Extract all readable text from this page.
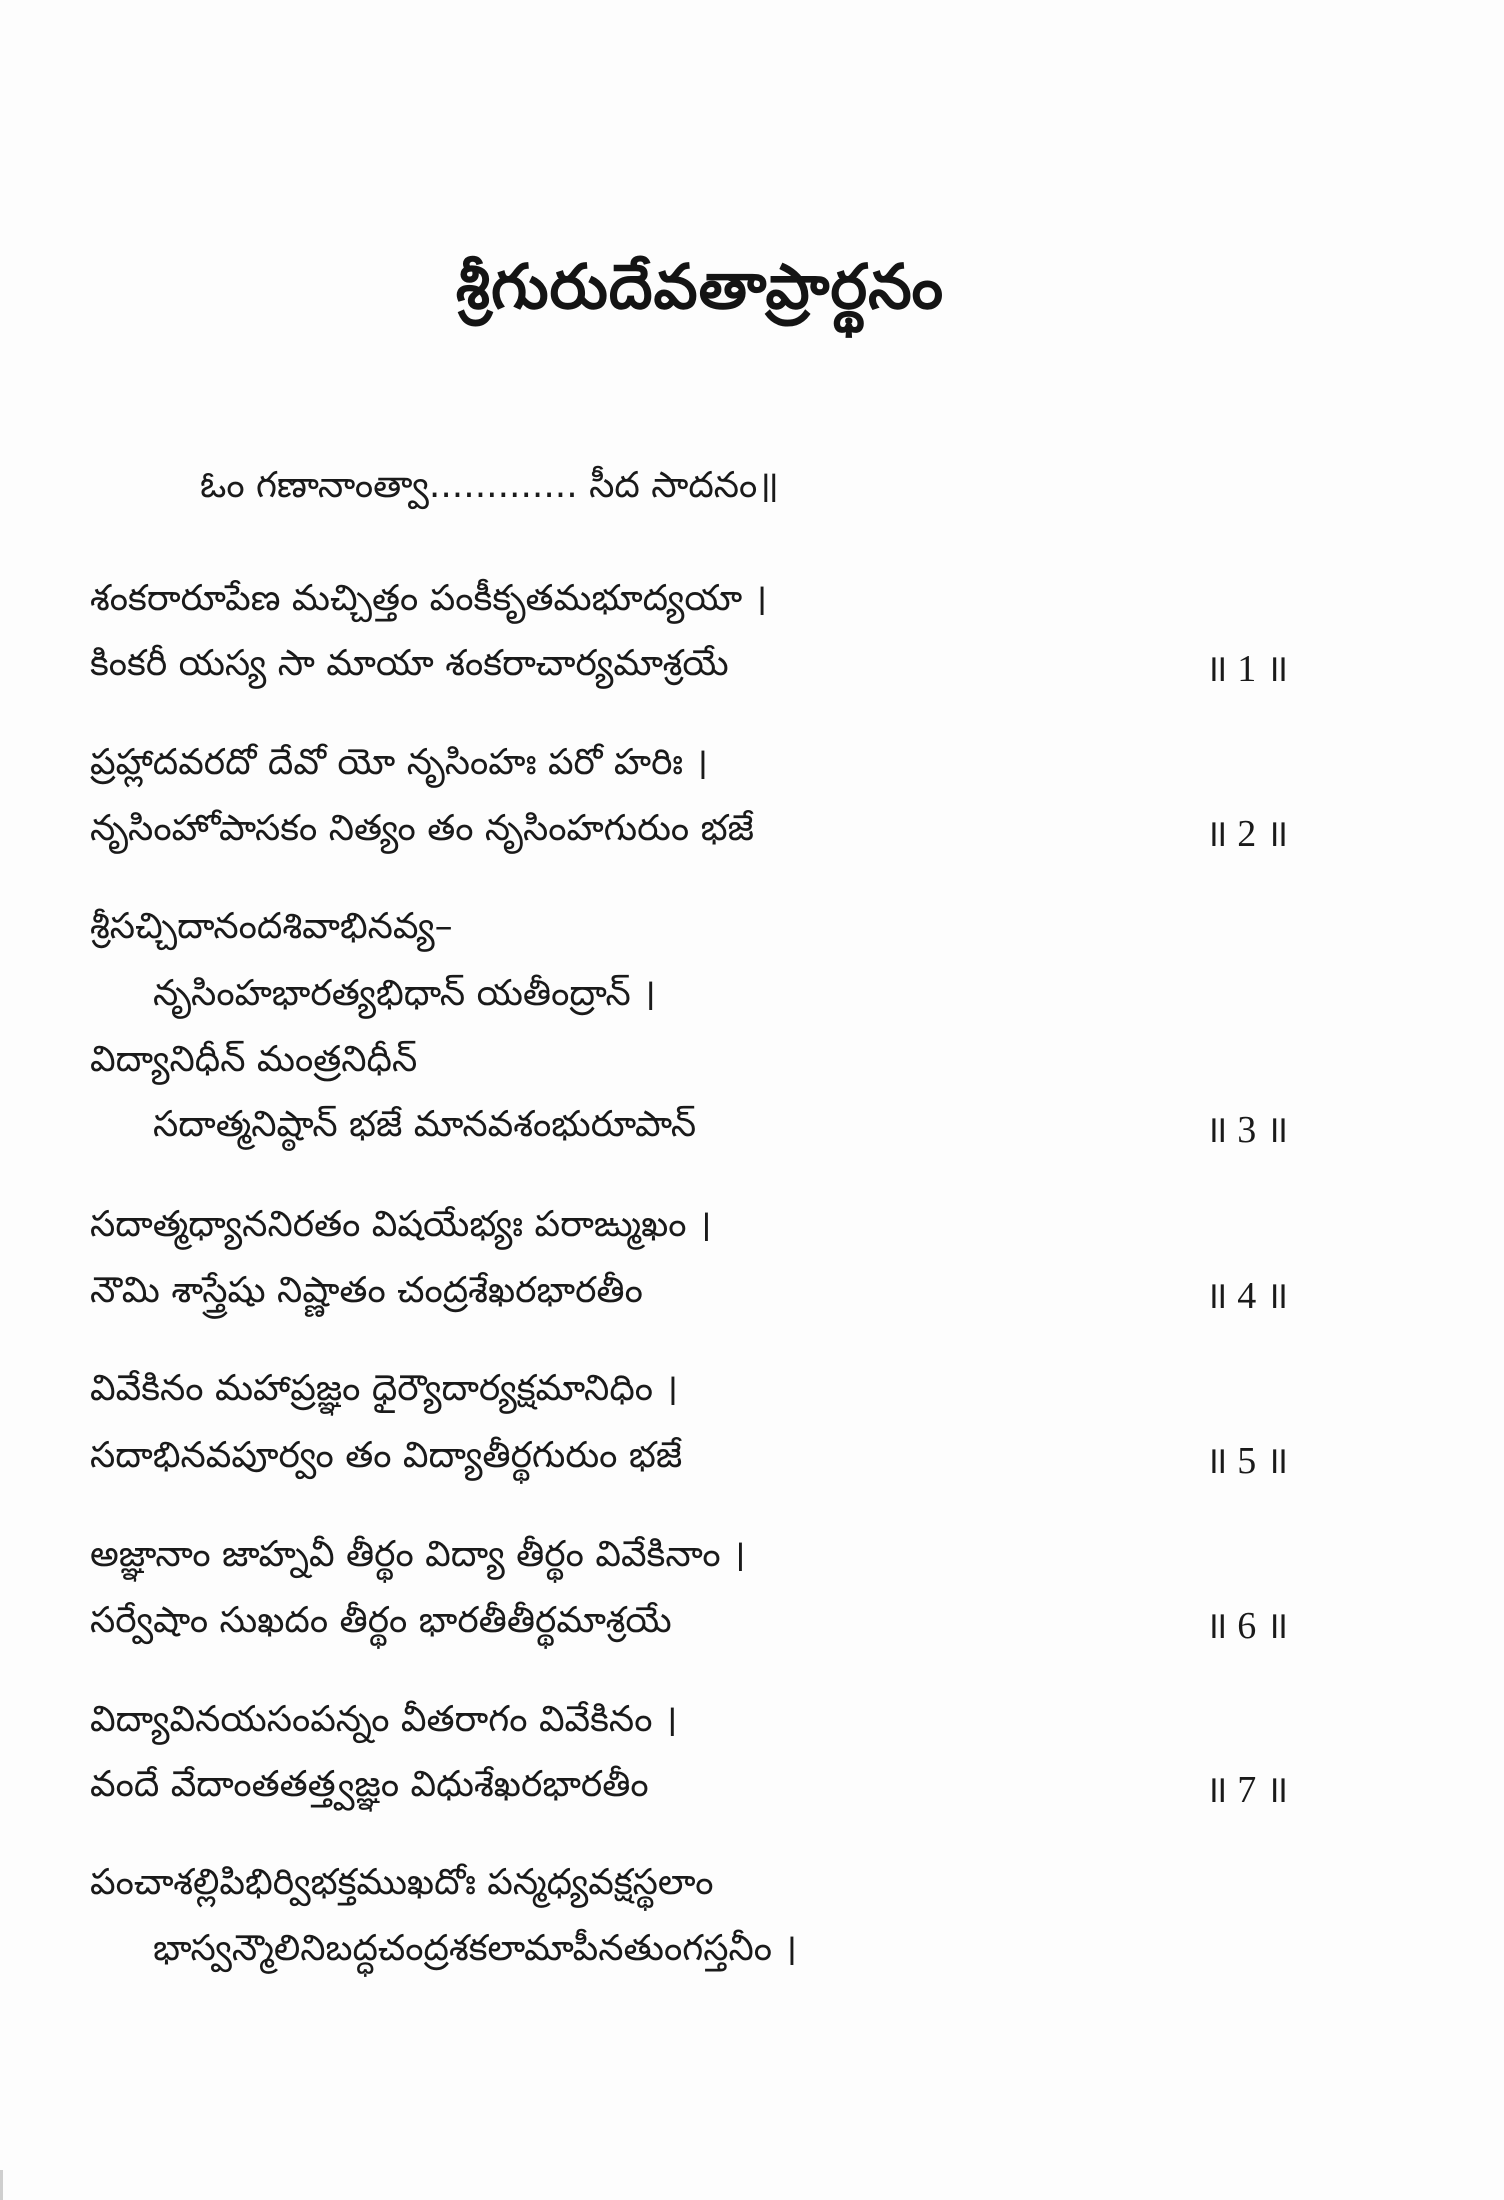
శ్రీగురుదేవతాప్రార్థనం
ఓం గణానాంత్వా............. సీద సాదనం॥
శంకరారూపేణ మచ్చిత్తం పంకీకృతమభూద్యయా ।
కింకరీ యస్య సా మాయా శంకరాచార్యమాశ్రయే	॥ 1 ॥
ప్రహ్లాదవరదో దేవో యో నృసింహః పరో హరిః ।
నృసింహోపాసకం నిత్యం తం నృసింహగురుం భజే	॥ 2 ॥
శ్రీసచ్చిదానందశివాభినవ్య–
నృసింహభారత్యభిధాన్ యతీంద్రాన్ ।
విద్యానిధీన్ మంత్రనిధీన్
సదాత్మనిష్ఠాన్ భజే మానవశంభురూపాన్	॥ 3 ॥
సదాత్మధ్యాననిరతం విషయేభ్యః పరాఙ్ముఖం ।
నౌమి శాస్త్రేషు నిష్ణాతం చంద్రశేఖరభారతీం	॥ 4 ॥
వివేకినం మహాప్రజ్ఞం ధైర్యౌదార్యక్షమానిధిం ।
సదాభినవపూర్వం తం విద్యాతీర్థగురుం భజే	॥ 5 ॥
అజ్ఞానాం జాహ్నవీ తీర్థం విద్యా తీర్థం వివేకినాం ।
సర్వేషాం సుఖదం తీర్థం భారతీతీర్థమాశ్రయే	॥ 6 ॥
విద్యావినయసంపన్నం వీతరాగం వివేకినం ।
వందే వేదాంతతత్త్వజ్ఞం విధుశేఖరభారతీం	॥ 7 ॥
పంచాశల్లిపిభిర్విభక్తముఖదోః పన్మధ్యవక్షస్థలాం
భాస్వన్మౌలినిబద్ధచంద్రశకలామాపీనతుంగస్తనీం ।
